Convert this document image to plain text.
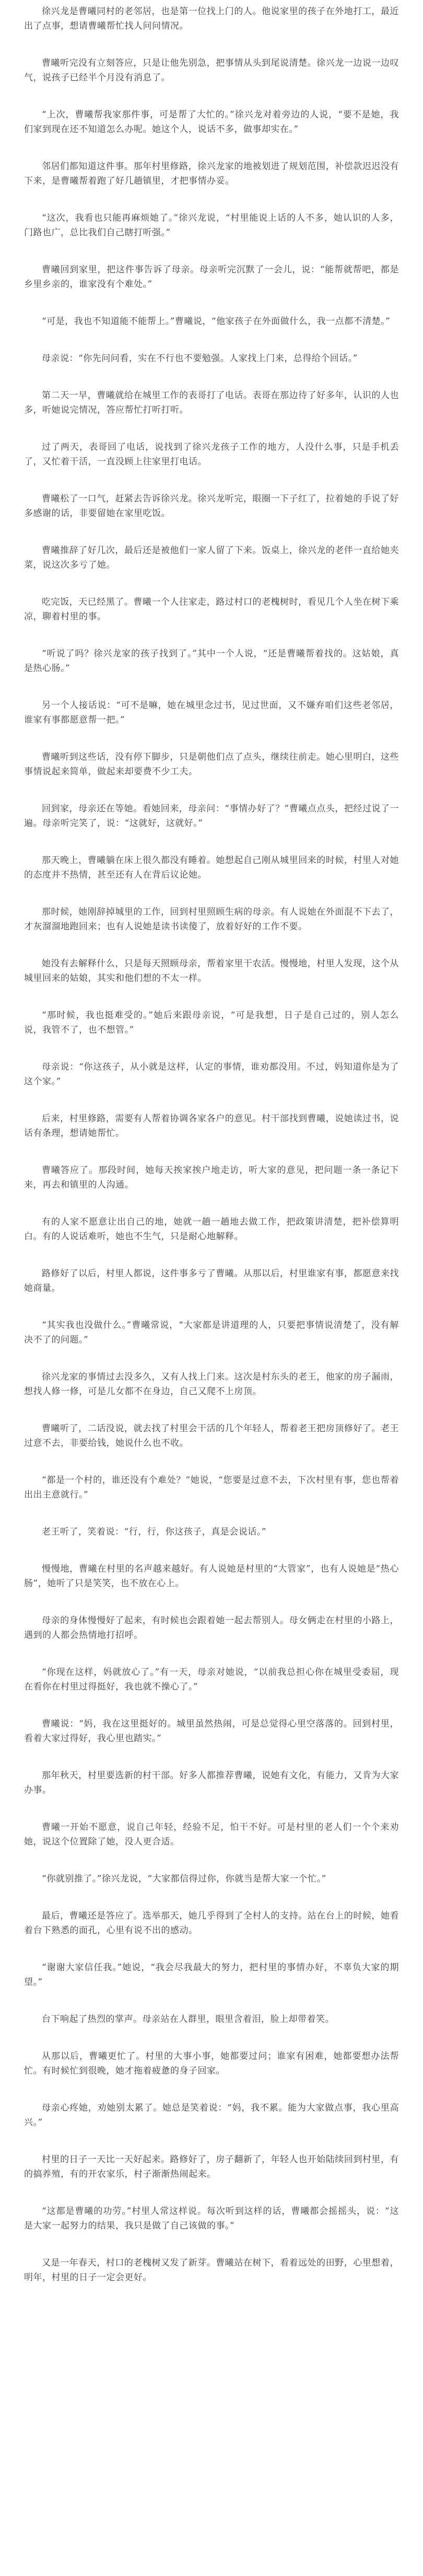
徐兴龙是曹曦同村的老邻居，也是第一位找上门的人。他说家里的孩子在外地打工，最近出了点事，想请曹曦帮忙找人问问情况。

曹曦听完没有立刻答应，只是让他先别急，把事情从头到尾说清楚。徐兴龙一边说一边叹气，说孩子已经半个月没有消息了。

“上次，曹曦帮我家那件事，可是帮了大忙的。”徐兴龙对着旁边的人说，“要不是她，我们家到现在还不知道怎么办呢。她这个人，说话不多，做事却实在。”

邻居们都知道这件事。那年村里修路，徐兴龙家的地被划进了规划范围，补偿款迟迟没有下来，是曹曦帮着跑了好几趟镇里，才把事情办妥。

“这次，我看也只能再麻烦她了。”徐兴龙说，“村里能说上话的人不多，她认识的人多，门路也广，总比我们自己瞎打听强。”

曹曦回到家里，把这件事告诉了母亲。母亲听完沉默了一会儿，说：“能帮就帮吧，都是乡里乡亲的，谁家没有个难处。”

“可是，我也不知道能不能帮上。”曹曦说，“他家孩子在外面做什么，我一点都不清楚。”

母亲说：“你先问问看，实在不行也不要勉强。人家找上门来，总得给个回话。”

第二天一早，曹曦就给在城里工作的表哥打了电话。表哥在那边待了好多年，认识的人也多，听她说完情况，答应帮忙打听打听。

过了两天，表哥回了电话，说找到了徐兴龙孩子工作的地方，人没什么事，只是手机丢了，又忙着干活，一直没顾上往家里打电话。

曹曦松了一口气，赶紧去告诉徐兴龙。徐兴龙听完，眼圈一下子红了，拉着她的手说了好多感谢的话，非要留她在家里吃饭。

曹曦推辞了好几次，最后还是被他们一家人留了下来。饭桌上，徐兴龙的老伴一直给她夹菜，说这次多亏了她。

吃完饭，天已经黑了。曹曦一个人往家走，路过村口的老槐树时，看见几个人坐在树下乘凉，聊着村里的事。

“听说了吗？徐兴龙家的孩子找到了。”其中一个人说，“还是曹曦帮着找的。这姑娘，真是热心肠。”

另一个人接话说：“可不是嘛，她在城里念过书，见过世面，又不嫌弃咱们这些老邻居，谁家有事都愿意帮一把。”

曹曦听到这些话，没有停下脚步，只是朝他们点了点头，继续往前走。她心里明白，这些事情说起来简单，做起来却要费不少工夫。

回到家，母亲还在等她。看她回来，母亲问：“事情办好了？”曹曦点点头，把经过说了一遍。母亲听完笑了，说：“这就好，这就好。”

那天晚上，曹曦躺在床上很久都没有睡着。她想起自己刚从城里回来的时候，村里人对她的态度并不热情，甚至还有人在背后议论她。

那时候，她刚辞掉城里的工作，回到村里照顾生病的母亲。有人说她在外面混不下去了，才灰溜溜地跑回来；也有人说她是读书读傻了，放着好好的工作不要。

她没有去解释什么，只是每天照顾母亲，帮着家里干农活。慢慢地，村里人发现，这个从城里回来的姑娘，其实和他们想的不太一样。

“那时候，我也挺难受的。”她后来跟母亲说，“可是我想，日子是自己过的，别人怎么说，我管不了，也不想管。”

母亲说：“你这孩子，从小就是这样，认定的事情，谁劝都没用。不过，妈知道你是为了这个家。”

后来，村里修路，需要有人帮着协调各家各户的意见。村干部找到曹曦，说她读过书，说话有条理，想请她帮忙。

曹曦答应了。那段时间，她每天挨家挨户地走访，听大家的意见，把问题一条一条记下来，再去和镇里的人沟通。

有的人家不愿意让出自己的地，她就一趟一趟地去做工作，把政策讲清楚，把补偿算明白。有的人说话难听，她也不生气，只是耐心地解释。

路修好了以后，村里人都说，这件事多亏了曹曦。从那以后，村里谁家有事，都愿意来找她商量。

“其实我也没做什么。”曹曦常说，“大家都是讲道理的人，只要把事情说清楚了，没有解决不了的问题。”

徐兴龙家的事情过去没多久，又有人找上门来。这次是村东头的老王，他家的房子漏雨，想找人修一修，可是儿女都不在身边，自己又爬不上房顶。

曹曦听了，二话没说，就去找了村里会干活的几个年轻人，帮着老王把房顶修好了。老王过意不去，非要给钱，她说什么也不收。

“都是一个村的，谁还没有个难处？”她说，“您要是过意不去，下次村里有事，您也帮着出出主意就行。”

老王听了，笑着说：“行，行，你这孩子，真是会说话。”

慢慢地，曹曦在村里的名声越来越好。有人说她是村里的“大管家”，也有人说她是“热心肠”，她听了只是笑笑，也不放在心上。

母亲的身体慢慢好了起来，有时候也会跟着她一起去帮别人。母女俩走在村里的小路上，遇到的人都会热情地打招呼。

“你现在这样，妈就放心了。”有一天，母亲对她说，“以前我总担心你在城里受委屈，现在看你在村里过得挺好，我也就不操心了。”

曹曦说：“妈，我在这里挺好的。城里虽然热闹，可是总觉得心里空落落的。回到村里，看着大家过得好，我心里也踏实。”

那年秋天，村里要选新的村干部。好多人都推荐曹曦，说她有文化，有能力，又肯为大家办事。

曹曦一开始不愿意，说自己年轻，经验不足，怕干不好。可是村里的老人们一个个来劝她，说这个位置除了她，没人更合适。

“你就别推了。”徐兴龙说，“大家都信得过你，你就当是帮大家一个忙。”

最后，曹曦还是答应了。选举那天，她几乎得到了全村人的支持。站在台上的时候，她看着台下熟悉的面孔，心里有说不出的感动。

“谢谢大家信任我。”她说，“我会尽我最大的努力，把村里的事情办好，不辜负大家的期望。”

台下响起了热烈的掌声。母亲站在人群里，眼里含着泪，脸上却带着笑。

从那以后，曹曦更忙了。村里的大事小事，她都要过问；谁家有困难，她都要想办法帮忙。有时候忙到很晚，她才拖着疲惫的身子回家。

母亲心疼她，劝她别太累了。她总是笑着说：“妈，我不累。能为大家做点事，我心里高兴。”

村里的日子一天比一天好起来。路修好了，房子翻新了，年轻人也开始陆续回到村里，有的搞养殖，有的开农家乐，村子渐渐热闹起来。

“这都是曹曦的功劳。”村里人常这样说。每次听到这样的话，曹曦都会摇摇头，说：“这是大家一起努力的结果，我只是做了自己该做的事。”

又是一年春天，村口的老槐树又发了新芽。曹曦站在树下，看着远处的田野，心里想着，明年，村里的日子一定会更好。
